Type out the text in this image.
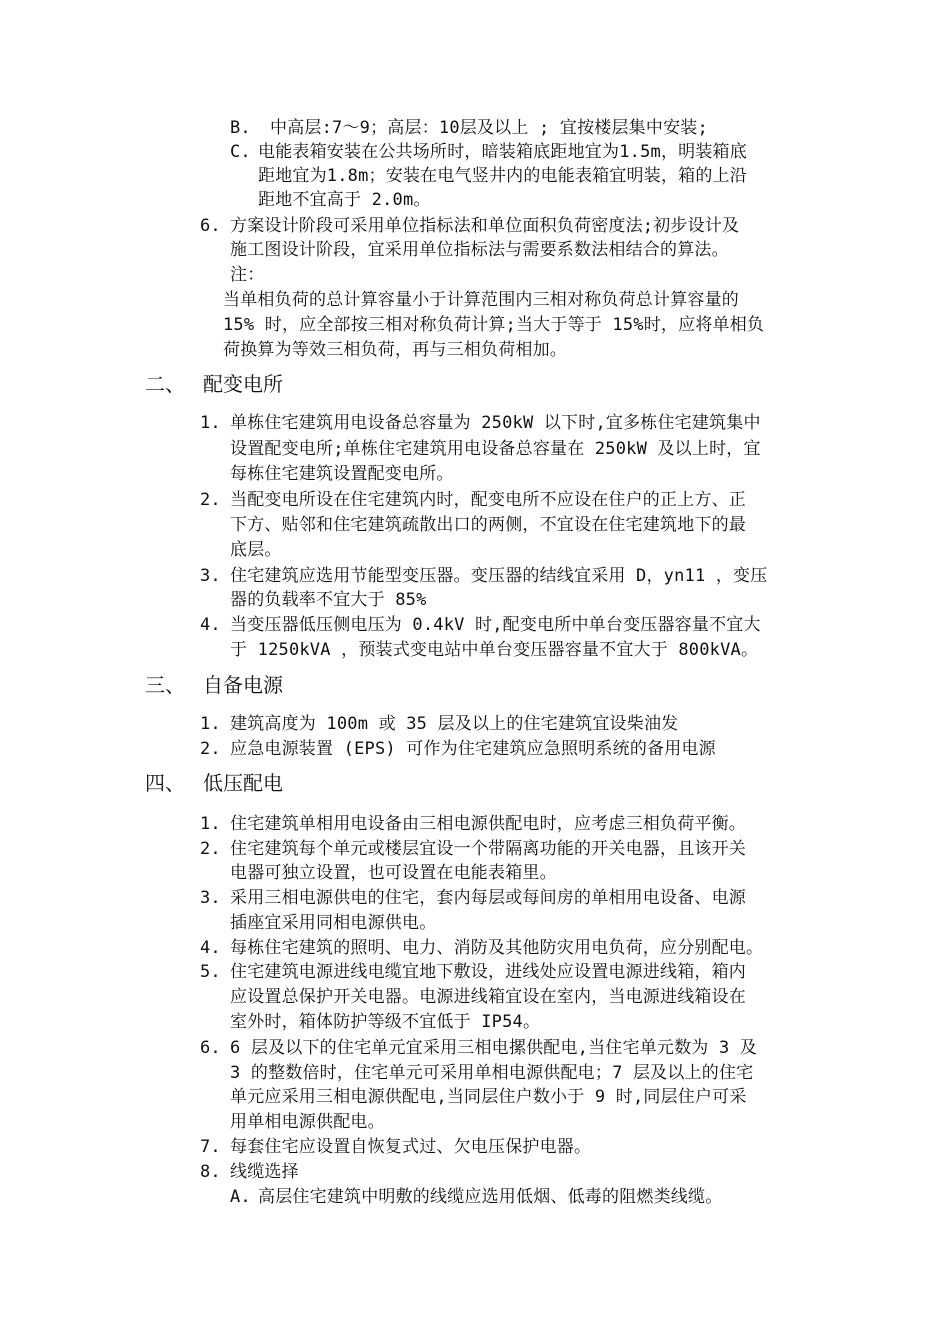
B. 中高层:7～9；高层：10层及以上 ; 宜按楼层集中安装;
C. 电能表箱安装在公共场所时，暗装箱底距地宜为1.5m，明装箱底
距地宜为1.8m；安装在电气竖井内的电能表箱宜明装，箱的上沿
距地不宜高于 2.0m。
6. 方案设计阶段可采用单位指标法和单位面积负荷密度法;初步设计及
施工图设计阶段，宜采用单位指标法与需要系数法相结合的算法。
注：
当单相负荷的总计算容量小于计算范围内三相对称负荷总计算容量的
15% 时，应全部按三相对称负荷计算;当大于等于 15%时，应将单相负
荷换算为等效三相负荷，再与三相负荷相加。
二、 配变电所
1. 单栋住宅建筑用电设备总容量为 250kW 以下时,宜多栋住宅建筑集中
设置配变电所;单栋住宅建筑用电设备总容量在 250kW 及以上时，宜
每栋住宅建筑设置配变电所。
2. 当配变电所设在住宅建筑内时，配变电所不应设在住户的正上方、正
下方、贴邻和住宅建筑疏散出口的两侧，不宜设在住宅建筑地下的最
底层。
3. 住宅建筑应选用节能型变压器。变压器的结线宜采用 D，yn11 ，变压
器的负载率不宜大于 85%
4. 当变压器低压侧电压为 0.4kV 时,配变电所中单台变压器容量不宜大
于 1250kVA ，预装式变电站中单台变压器容量不宜大于 800kVA。
三、 自备电源
1. 建筑高度为 100m 或 35 层及以上的住宅建筑宜设柴油发
2. 应急电源装置 (EPS) 可作为住宅建筑应急照明系统的备用电源
四、 低压配电
1. 住宅建筑单相用电设备由三相电源供配电时，应考虑三相负荷平衡。
2. 住宅建筑每个单元或楼层宜设一个带隔离功能的开关电器，且该开关
电器可独立设置，也可设置在电能表箱里。
3. 采用三相电源供电的住宅，套内每层或每间房的单相用电设备、电源
插座宜采用同相电源供电。
4. 每栋住宅建筑的照明、电力、消防及其他防灾用电负荷，应分别配电。
5. 住宅建筑电源进线电缆宜地下敷设，进线处应设置电源进线箱，箱内
应设置总保护开关电器。电源进线箱宜设在室内，当电源进线箱设在
室外时，箱体防护等级不宜低于 IP54。
6. 6 层及以下的住宅单元宜采用三相电摞供配电,当住宅单元数为 3 及
3 的整数倍时，住宅单元可采用单相电源供配电；7 层及以上的住宅
单元应采用三相电源供配电,当同层住户数小于 9 时,同层住户可采
用单相电源供配电。
7. 每套住宅应设置自恢复式过、欠电压保护电器。
8. 线缆选择
A. 高层住宅建筑中明敷的线缆应选用低烟、低毒的阻燃类线缆。
